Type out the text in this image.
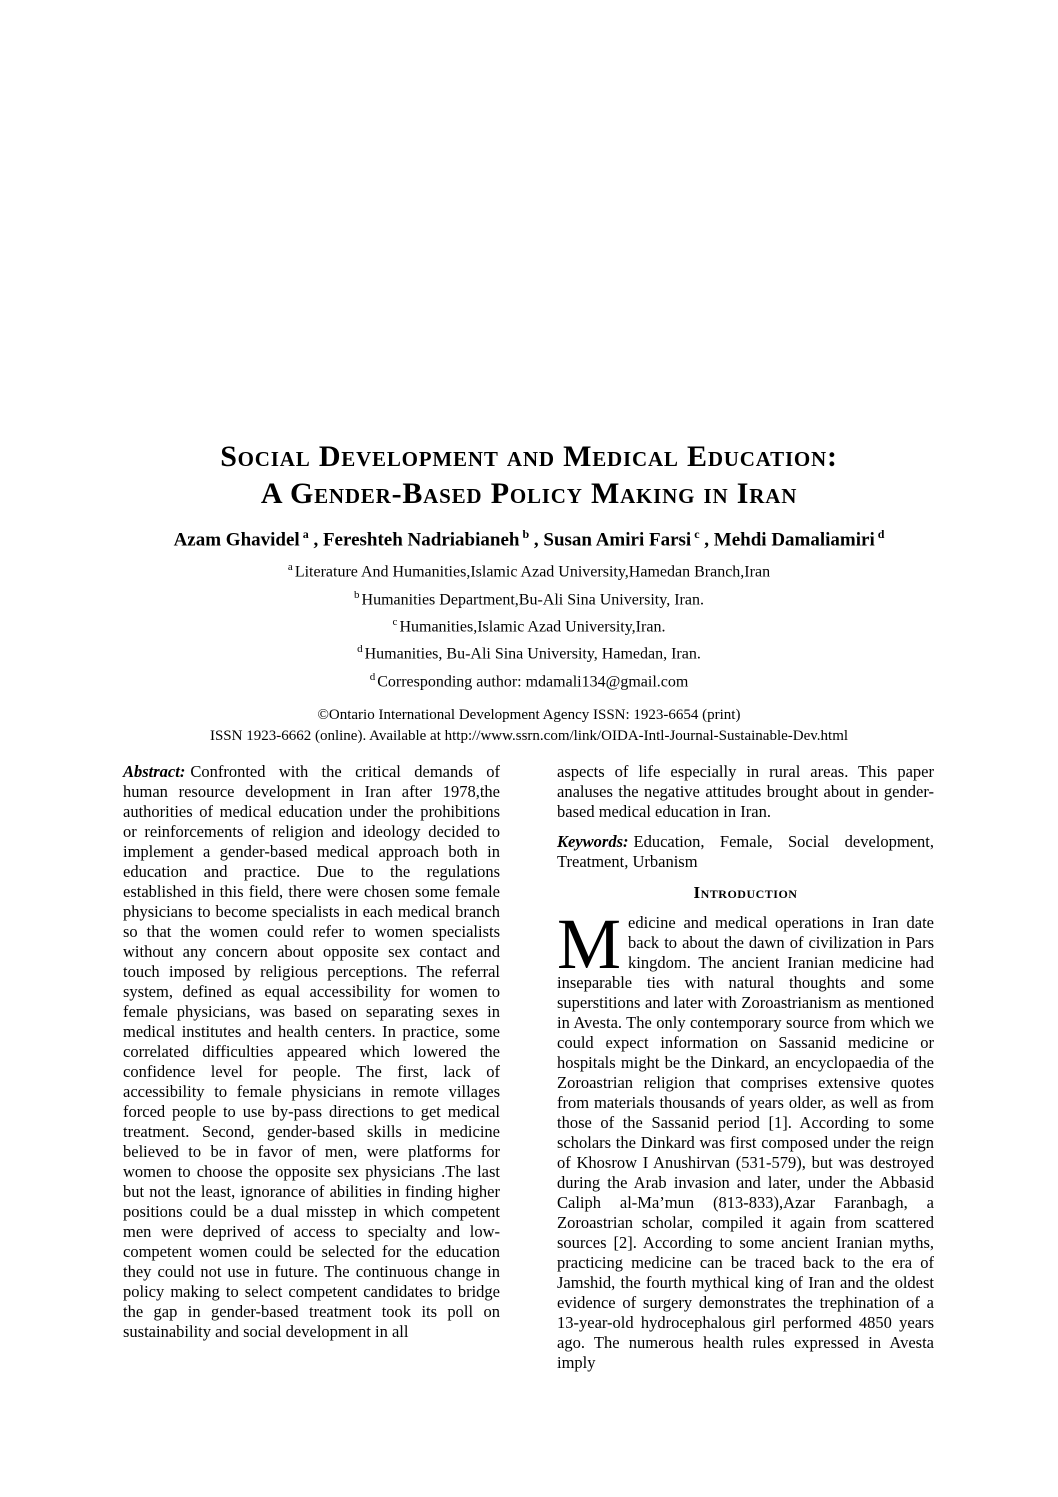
Social Development and Medical Education:
A Gender-Based Policy Making in Iran
Azam Ghavidel $^a$ , Fereshteh Nadriabianeh $^b$ , Susan Amiri Farsi $^c$ , Mehdi Damaliamiri $^d$
$^a$ Literature And Humanities,Islamic Azad University,Hamedan Branch,Iran
$^b$ Humanities Department,Bu-Ali Sina University, Iran.
$^c$ Humanities,Islamic Azad University,Iran.
$^d$ Humanities, Bu-Ali Sina University, Hamedan, Iran.
$^d$ Corresponding author: mdamali134@gmail.com
©Ontario International Development Agency ISSN: 1923-6654 (print)
ISSN 1923-6662 (online). Available at http://www.ssrn.com/link/OIDA-Intl-Journal-Sustainable-Dev.html

Abstract: Confronted with the critical demands of human resource development in Iran after 1978,the authorities of medical education under the prohibitions or reinforcements of religion and ideology decided to implement a gender-based medical approach both in education and practice. Due to the regulations established in this field, there were chosen some female physicians to become specialists in each medical branch so that the women could refer to women specialists without any concern about opposite sex contact and touch imposed by religious perceptions. The referral system, defined as equal accessibility for women to female physicians, was based on separating sexes in medical institutes and health centers. In practice, some correlated difficulties appeared which lowered the confidence level for people. The first, lack of accessibility to female physicians in remote villages forced people to use by-pass directions to get medical treatment. Second, gender-based skills in medicine believed to be in favor of men, were platforms for women to choose the opposite sex physicians .The last but not the least, ignorance of abilities in finding higher positions could be a dual misstep in which competent men were deprived of access to specialty and low-competent women could be selected for the education they could not use in future. The continuous change in policy making to select competent candidates to bridge the gap in gender-based treatment took its poll on sustainability and social development in all

aspects of life especially in rural areas. This paper analuses the negative attitudes brought about in gender-based medical education in Iran.

Keywords: Education, Female, Social development, Treatment, Urbanism

Introduction

Medicine and medical operations in Iran date back to about the dawn of civilization in Pars kingdom. The ancient Iranian medicine had inseparable ties with natural thoughts and some superstitions and later with Zoroastrianism as mentioned in Avesta. The only contemporary source from which we could expect information on Sassanid medicine or hospitals might be the Dinkard, an encyclopaedia of the Zoroastrian religion that comprises extensive quotes from materials thousands of years older, as well as from those of the Sassanid period [1]. According to some scholars the Dinkard was first composed under the reign of Khosrow I Anushirvan (531-579), but was destroyed during the Arab invasion and later, under the Abbasid Caliph al-Ma’mun (813-833),Azar Faranbagh, a Zoroastrian scholar, compiled it again from scattered sources [2]. According to some ancient Iranian myths, practicing medicine can be traced back to the era of Jamshid, the fourth mythical king of Iran and the oldest evidence of surgery demonstrates the trephination of a 13-year-old hydrocephalous girl performed 4850 years ago. The numerous health rules expressed in Avesta imply
